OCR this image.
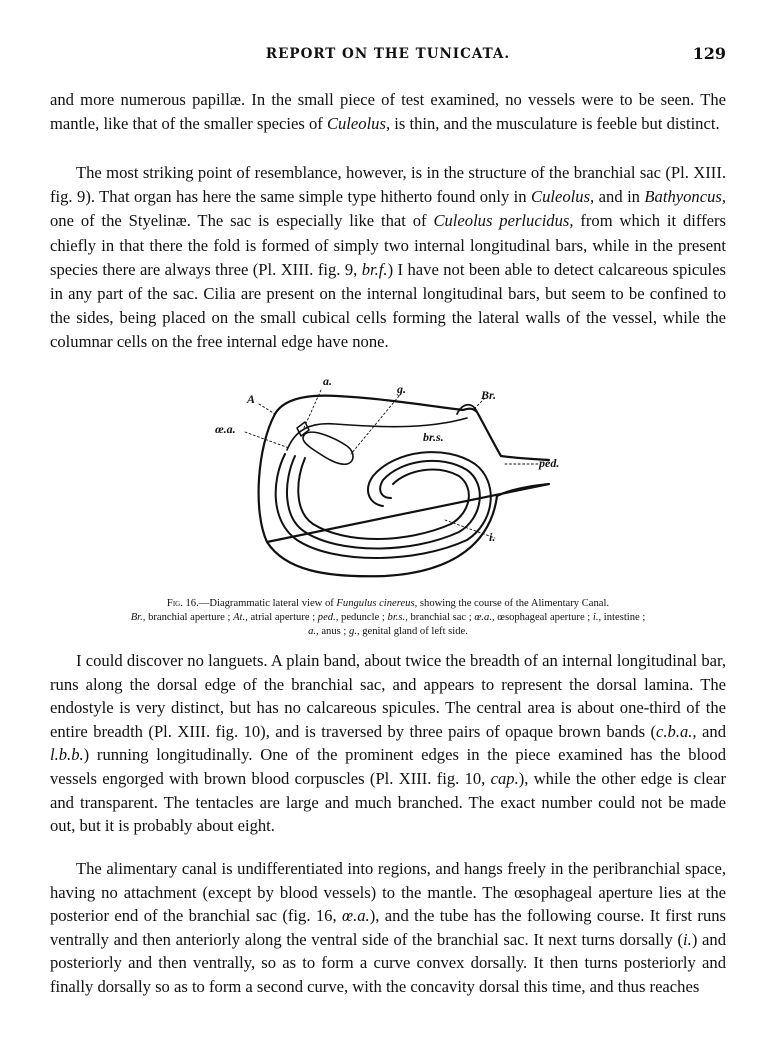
REPORT ON THE TUNICATA.	129

and more numerous papillæ. In the small piece of test examined, no vessels were to be seen. The mantle, like that of the smaller species of Culeolus, is thin, and the musculature is feeble but distinct.

The most striking point of resemblance, however, is in the structure of the branchial sac (Pl. XIII. fig. 9). That organ has here the same simple type hitherto found only in Culeolus, and in Bathyoncus, one of the Styelinæ. The sac is especially like that of Culeolus perlucidus, from which it differs chiefly in that there the fold is formed of simply two internal longitudinal bars, while in the present species there are always three (Pl. XIII. fig. 9, br.f.) I have not been able to detect calcareous spicules in any part of the sac. Cilia are present on the internal longitudinal bars, but seem to be confined to the sides, being placed on the small cubical cells forming the lateral walls of the vessel, while the columnar cells on the free internal edge have none.

a.
g.
A	Br.
œ.a.
br.s.
ped.
i.
Fig. 16.—Diagrammatic lateral view of Fungulus cinereus, showing the course of the Alimentary Canal.
Br., branchial aperture ; At., atrial aperture ; ped., peduncle ; br.s., branchial sac ; œ.a., œsophageal aperture ; i., intestine ;
a., anus ; g., genital gland of left side.

I could discover no languets. A plain band, about twice the breadth of an internal longitudinal bar, runs along the dorsal edge of the branchial sac, and appears to represent the dorsal lamina. The endostyle is very distinct, but has no calcareous spicules. The central area is about one-third of the entire breadth (Pl. XIII. fig. 10), and is traversed by three pairs of opaque brown bands (c.b.a., and l.b.b.) running longitudinally. One of the prominent edges in the piece examined has the blood vessels engorged with brown blood corpuscles (Pl. XIII. fig. 10, cap.), while the other edge is clear and transparent. The tentacles are large and much branched. The exact number could not be made out, but it is probably about eight.

The alimentary canal is undifferentiated into regions, and hangs freely in the peribranchial space, having no attachment (except by blood vessels) to the mantle. The œsophageal aperture lies at the posterior end of the branchial sac (fig. 16, œ.a.), and the tube has the following course. It first runs ventrally and then anteriorly along the ventral side of the branchial sac. It next turns dorsally (i.) and posteriorly and then ventrally, so as to form a curve convex dorsally. It then turns posteriorly and finally dorsally so as to form a second curve, with the concavity dorsal this time, and thus reaches
